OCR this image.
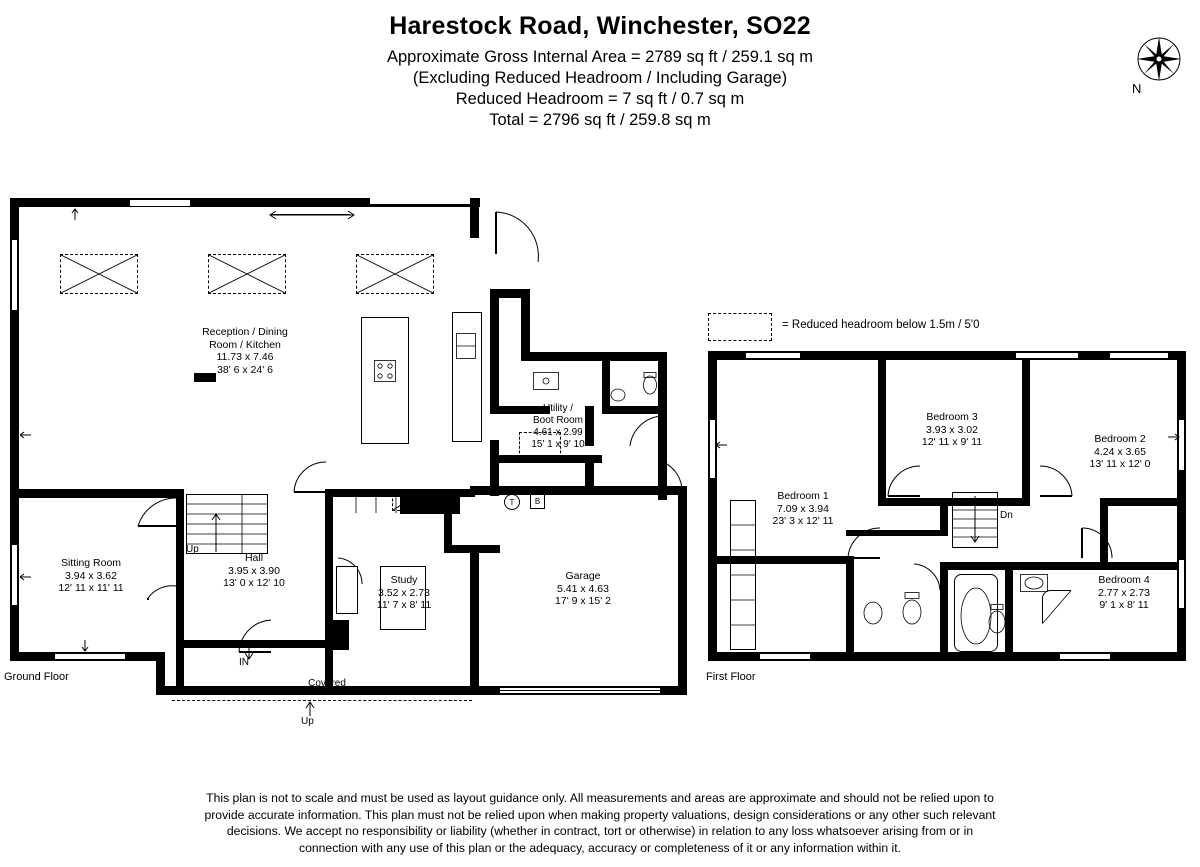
Harestock Road, Winchester, SO22
Approximate Gross Internal Area = 2789 sq ft / 259.1 sq m
(Excluding Reduced Headroom / Including Garage)
Reduced Headroom = 7 sq ft / 0.7 sq m
Total = 2796 sq ft / 259.8 sq m
N
T	B
IN
Reception / Dining
Room / Kitchen
11.73 x 7.46
38' 6 x 24' 6
Utility /
Boot Room
4.61 x 2.99
15' 1 x 9' 10
Sitting Room
3.94 x 3.62
12' 11 x 11' 11
Hall
3.95 x 3.90
13' 0 x 12' 10	Study
3.52 x 2.73
11' 7 x 8' 11
Garage
5.41 x 4.63
17' 9 x 15' 2
Up
Covered
Up
Ground Floor
= Reduced headroom below 1.5m / 5'0
Dn
Bedroom 1
7.09 x 3.94
23' 3 x 12' 11
Bedroom 2
4.24 x 3.65
13' 11 x 12' 0
Bedroom 3
3.93 x 3.02
12' 11 x 9' 11
Bedroom 4
2.77 x 2.73
9' 1 x 8' 11
First Floor
This plan is not to scale and must be used as layout guidance only. All measurements and areas are approximate and should not be relied upon to
provide accurate information. This plan must not be relied upon when making property valuations, design considerations or any other such relevant
decisions. We accept no responsibility or liability (whether in contract, tort or otherwise) in relation to any loss whatsoever arising from or in
connection with any use of this plan or the adequacy, accuracy or completeness of it or any information within it.
